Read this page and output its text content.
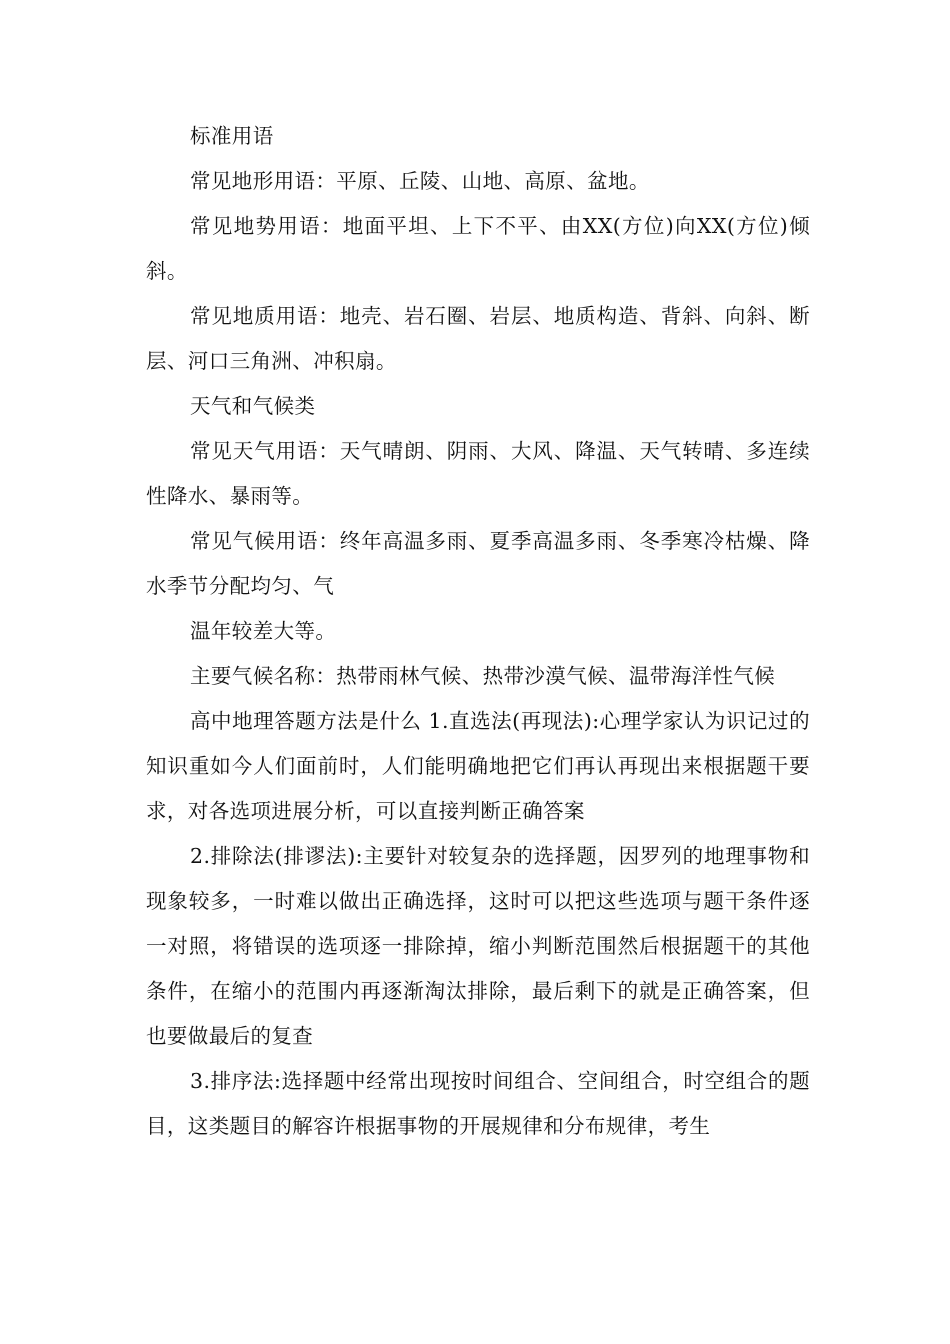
标准用语

常见地形用语：平原、丘陵、山地、高原、盆地。

常见地势用语：地面平坦、上下不平、由XX(方位)向XX(方位)倾斜。

常见地质用语：地壳、岩石圈、岩层、地质构造、背斜、向斜、断层、河口三角洲、冲积扇。

天气和气候类

常见天气用语：天气晴朗、阴雨、大风、降温、天气转晴、多连续性降水、暴雨等。

常见气候用语：终年高温多雨、夏季高温多雨、冬季寒冷枯燥、降水季节分配均匀、气

温年较差大等。

主要气候名称：热带雨林气候、热带沙漠气候、温带海洋性气候

高中地理答题方法是什么 1.直选法(再现法):心理学家认为识记过的知识重如今人们面前时，人们能明确地把它们再认再现出来根据题干要求，对各选项进展分析，可以直接判断正确答案

2.排除法(排谬法):主要针对较复杂的选择题，因罗列的地理事物和现象较多，一时难以做出正确选择，这时可以把这些选项与题干条件逐一对照，将错误的选项逐一排除掉，缩小判断范围然后根据题干的其他条件，在缩小的范围内再逐渐淘汰排除，最后剩下的就是正确答案，但也要做最后的复查

3.排序法:选择题中经常出现按时间组合、空间组合，时空组合的题目，这类题目的解容许根据事物的开展规律和分布规律，考生
